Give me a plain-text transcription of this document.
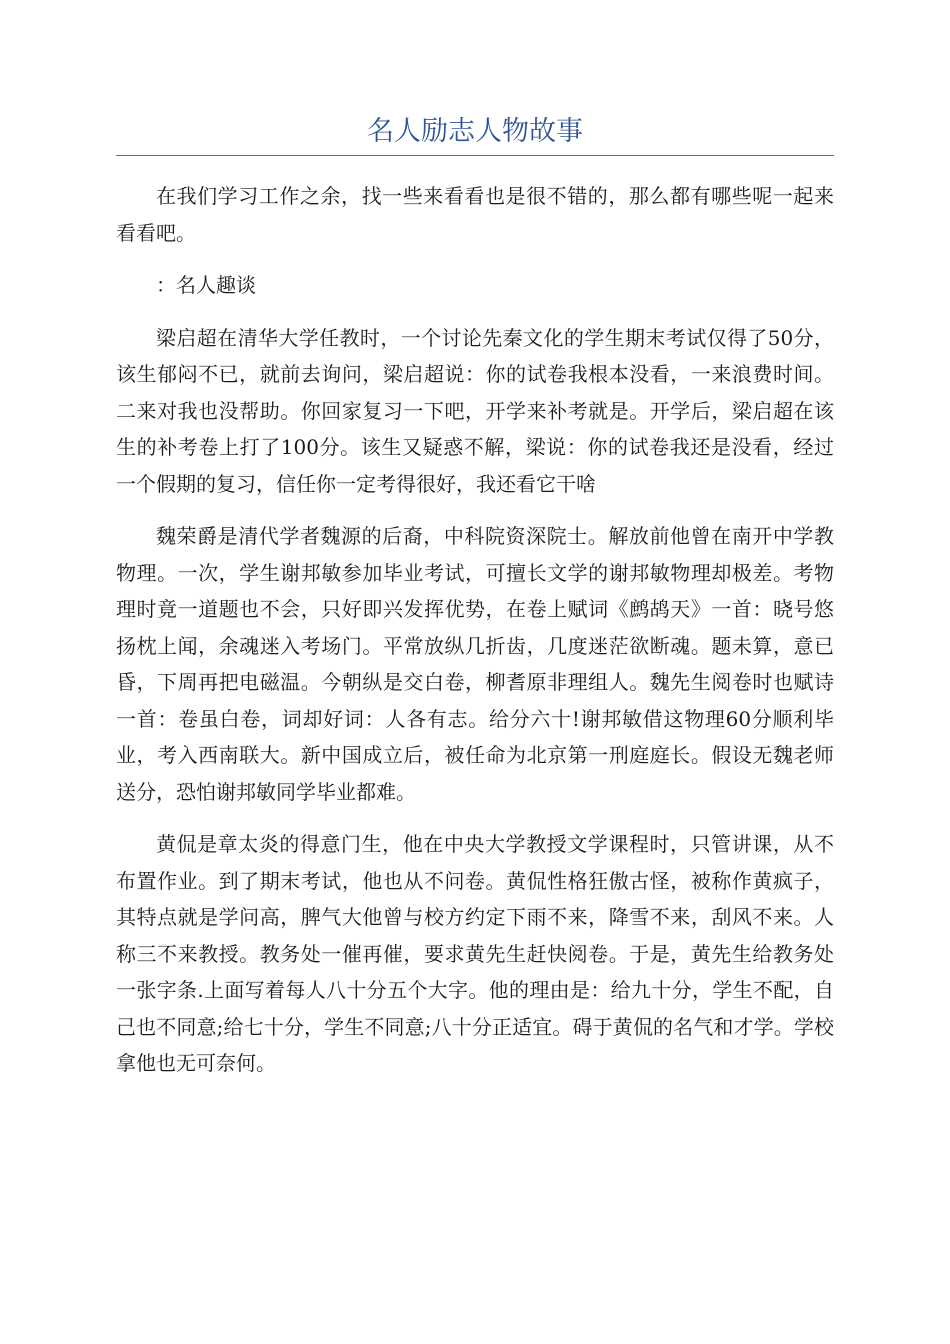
名人励志人物故事

在我们学习工作之余，找一些来看看也是很不错的，那么都有哪些呢一起来看看吧。

：名人趣谈

梁启超在清华大学任教时，一个讨论先秦文化的学生期末考试仅得了50分，该生郁闷不已，就前去询问，梁启超说：你的试卷我根本没看，一来浪费时间。二来对我也没帮助。你回家复习一下吧，开学来补考就是。开学后，梁启超在该生的补考卷上打了100分。该生又疑惑不解，梁说：你的试卷我还是没看，经过一个假期的复习，信任你一定考得很好，我还看它干啥

魏荣爵是清代学者魏源的后裔，中科院资深院士。解放前他曾在南开中学教物理。一次，学生谢邦敏参加毕业考试，可擅长文学的谢邦敏物理却极差。考物理时竟一道题也不会，只好即兴发挥优势，在卷上赋词《鹧鸪天》一首：晓号悠扬枕上闻，余魂迷入考场门。平常放纵几折齿，几度迷茫欲断魂。题未算，意已昏，下周再把电磁温。今朝纵是交白卷，柳耆原非理组人。魏先生阅卷时也赋诗一首：卷虽白卷，词却好词：人各有志。给分六十!谢邦敏借这物理60分顺利毕业，考入西南联大。新中国成立后，被任命为北京第一刑庭庭长。假设无魏老师送分，恐怕谢邦敏同学毕业都难。

黄侃是章太炎的得意门生，他在中央大学教授文学课程时，只管讲课，从不布置作业。到了期末考试，他也从不问卷。黄侃性格狂傲古怪，被称作黄疯子，其特点就是学问高，脾气大他曾与校方约定下雨不来，降雪不来，刮风不来。人称三不来教授。教务处一催再催，要求黄先生赶快阅卷。于是，黄先生给教务处一张字条.上面写着每人八十分五个大字。他的理由是：给九十分，学生不配，自己也不同意;给七十分，学生不同意;八十分正适宜。碍于黄侃的名气和才学。学校拿他也无可奈何。
